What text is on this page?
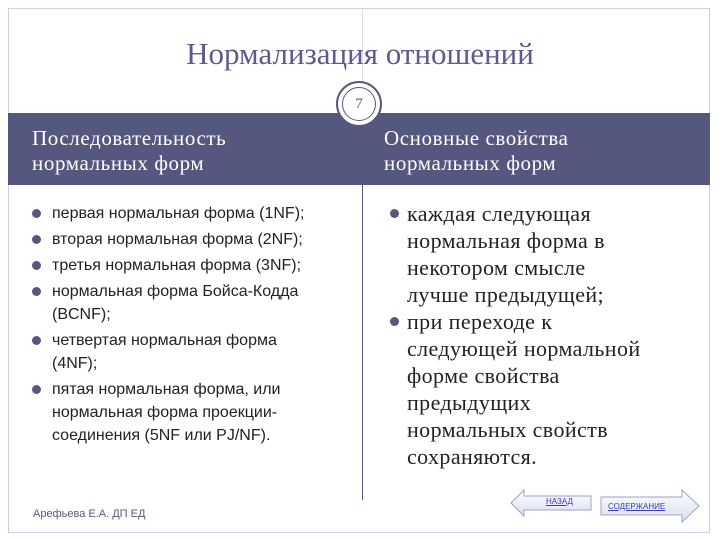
Нормализация отношений
7
Последовательность
нормальных форм
Основные свойства
нормальных форм
первая нормальная форма (1NF);
вторая нормальная форма (2NF);
третья нормальная форма (3NF);
нормальная форма Бойса-Кодда
(BCNF);
четвертая нормальная форма
(4NF);
пятая нормальная форма, или
нормальная форма проекции-
соединения (5NF или PJ/NF).
каждая следующая
нормальная форма в
некотором смысле
лучше предыдущей;
при переходе к
следующей нормальной
форме свойства
предыдущих
нормальных свойств
сохраняются.
Арефьева Е.А. ДП ЕД
НАЗАД
СОДЕРЖАНИЕ
